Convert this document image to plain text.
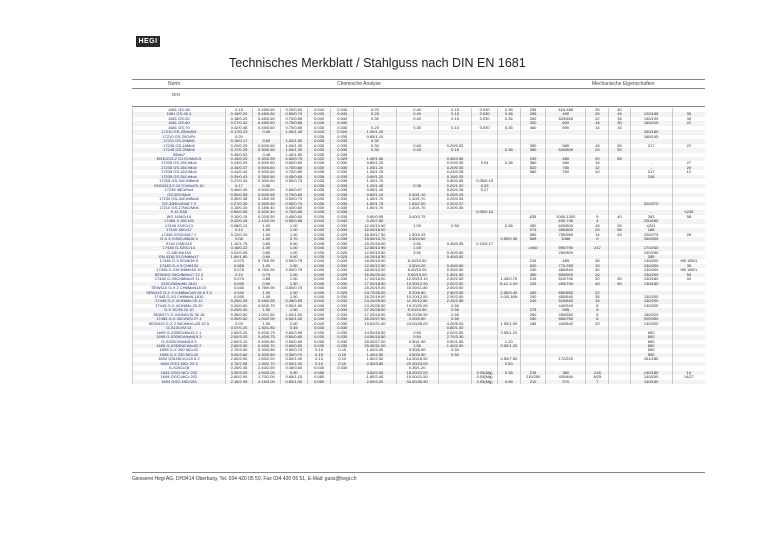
HEGI
Technisches Merkblatt / Stahlguss nach DIN EN 1681
Norm	Chemische Analyse	Mechanische Eigenschaften
DIN
1681 GS-38	0.15	0.45/0.60	0.20/0.50	0.040	0.040	0.25	0.40	0.15	0.030	0.36	255	415-485	25	40		
1681 GS-45.3	0.15/0.20	0.45/0.60	0.50/0.70	0.040	0.040	0.25	0.40	0.15	0.030	0.36	255	450	25	45	120/185	35
1681 GS-52	0.18/0.25	0.45/0.60	0.70/0.85	0.040	0.040	0.30	0.40	0.15	0.030	0.36	260	520/655	22	35	145/190	30
1681 GS-60	0.27/0.32	0.45/0.60	0.75/0.85	0.040	0.040						320	600	18	30	165/215	22
1681 GS-70	0.42/0.48	0.45/0.60	0.70/0.85	0.035	0.035	0.25	0.30	0.10	0.030	0.35	460	690	14	15		
17210 GS-20Mn5/5	0.17/0.23	0.40	1.00/1.40	0.025	0.020	1.00/1.20									150/180	
17210 GS-20CrP4	0.20			0.035	0.035	0.85/1.10									185/195	
17211 GS-20Mn5	0.15/0.17	0.60	1.20/1.50	0.035	0.035	0.30										
17245 GS-16Mn5	0.20/0.25	0.50/0.60	1.00/1.30	0.035	0.035	0.30	0.60	0.20/0.02			350	580	18	55	217	22
17245 GS-20Mn5	0.17/0.25	0.30/0.55	1.00/1.30	0.030	0.030	0.30	0.40	0.15		0.36	380	540/600	20	50		
30Mn7	0.45/0.52	0.48	1.40/1.80	0.035	0.035											
EN10213-2 G17CrMo5-5	0.15/0.20	0.30/0.55	0.50/0.75	0.020	0.020	1.00/1.50		0.45/0.55			290	480	20	55		
17205 GS-25CrMo4	0.24/0.29	0.50/0.60	0.60/0.80	0.030	0.030	0.80/1.20		0.20/0.30	0.04	0.38	360	580	16		-	27
17205 GS-35CrMo4	0.34/0.37	0.50/0.60	0.75/0.85	0.035	0.035	1.05/1.20		0.20/0.30			520	750	12		-	25
17205 GS-42CrMo4	0.41/0.44	0.50/0.60	0.70/0.85	0.035	0.035	1.05/1.15		0.24/0.28			580	750	10		217	12
17205 GS-34CrMo4	0.39/0.43	0.35/0.60	0.45/0.65	0.035	0.035	0.90/1.20		0.15/0.25							248	
17205 GS-34CrNiMo6	0.27/0.34	0.30/0.60	0.50/0.75	0.035	0.035	1.30/1.70		0.50/0.55	0.05/0.15							
EN10213-2 G17CrMoV5-10	0.17	0.50		0.035	0.035	1.20/1.45	0.35	0.20/1.20	0.29							
17245 48CrMo4	0.46/0.49	0.50/0.60	0.60/0.97	0.035	0.035	0.95/1.10		0.20/0.28	0.27							
GS-50CrMo6	0.50/0.55	0.50/0.65	0.70/0.80	0.035	0.035	0.80/1.10	0.40/1.10	0.20/0.25								
17230 GS-34CrNiMo6	0.30/0.38	0.15/0.35	0.50/0.70	0.030	0.030	1.40/1.70	1.40/1.70	0.20/0.34								
GS-30NiCrMo8 7 3	0.27/0.30	0.30/0.60	0.50/0.70	0.035	0.035	1.60/1.75	1.65/2.00	0.32/0.37							320/370	
17210 GS-17NiCrMo6	0.15/0.20	0.15/0.40	0.40/0.60	0.035	0.035	1.50/1.70	1.40/1.70	0.20/0.35								
9 10 SA5	0.50/0.55	0.30/0.40	0.75/0.85	0.035	0.035				0.05/0.10						-	≤235
WS 14NiCr14	0.10/0.15	0.20/0.50	0.45/0.60	0.035	0.035	0.60/0.95	3.40/3.75				635	1050-1300	9	40	283	58
17465 X-30Cr25	0.22/0.25	1.10/2.00	0.55/0.85	0.040	0.040	0.20/7.80						490-740	4		200/260	
17445 X10Cr13	0.08/0.12	1.00	1.00	0.040	0.030	12.00/13.50	1.00	0.50		0.36	450	620/800	18	55	≤241	
17440 X6Cr17	0.12	1.00	1.00	0.040	0.030	16.00/18.00					274	450/600	20	65	185	
17445 X20CrNi17 2	0.12/0.20	1.00	1.00	0.035	0.025	16.50/17.50	1.50/2.25				550	750/950	14	45	225/275	26
G-X 4 CrNiCuNb16 4	0.08	1.00	0.70	0.035	0.035	15.50/16.70	3.50/4.60			0.50/0.35	665	1085	9		260/400	
9116 CrMn115	1.10/1.75	0.60	0.60	0.045	0.035	15.20/16.00	0.50	0.45/0.55	0.10/0.17							
17445 G-X20Cr14	0.18/0.22	1.00	1.00	0.040	0.030	12.50/13.90	1.00				≥440	590/790	≥12		170/240	
G-X5CrNi134	0.02/0.05	0.80	1.00	0.035	0.025	12.00/13.50	3.50	0.40/0.50				250/500			240/290	
EN 4316 X1CrNiMo17	1.60/1.80	0.60	0.60	0.035	0.025	16.20/16.50		0.40/0.52							285	
17445 G-X 5CrNi18 9	0.075	0.75/0.90	0.50/0.75	0.040	0.030	18.00/19.00	8.10/10.50				215	485	35		130/200	HB 180/1
17445 G-X 5 CrNi134	0.065	1.00	1.50	0.040	0.030	12.00/12.50	3.50/4.20	0.40/0.60			520	770-930	15		240/300	35
17445 G-X5CrNiMo18 10	0.075	0.75/0.90	0.50/0.75	0.040	0.030	18.00/19.00	8.00/10.00	0.30/0.50			240	480/640	30		130/200	HB 180/1
SEW410 X5CrNiMo17 12 2	0.10	0.75	1.00	0.035	0.025	16.00/20.00	9.00/13.00	1.30/1.50			450	800/900	20		130/200	50
17445 G-X5CrNiMo19 11 2	0.075	0.85	1.50	0.040	0.030	17.00/18.00	12.00/13.10	2.00/2.50		1.45/0.70	215	510/740	30	50	130/180	34
X10CrNiMoNb 1810	0.090	0.90	1.50	0.040	0.030	17.00/18.50	10.50/12.50	2.00/2.50		8.xC-1.00	225	490/740	45	50	130/180	
SEW410 G-X 2 CrNiMoN18 10	0.030	0.75/0.90	0.50/0.75	0.040	0.030	16.20/19.00	10.00/11.80	2.50/3.00								
SEW410 G-X 3 CrNiMoCuN 26 6 3 3	0.040	1.00	2.00	0.035	0.025	24.70/26.00	5.20/6.80	2.50/3.50		2.50/3.40	450	650/850	22			
17445 G-X3 CrNiMoN 1810	0.050	1.00	1.50	0.040	0.030	16.20/19.00	10.20/12.50	2.00/2.50		1.0/0.18N	240	450/640	35		130/200	
17445 G-X 4CrNiMo 25 12	0.25/0.25	0.45/0.55	0.45/0.55	0.040	0.030	24.20/25.50	11.20/12.50	2.25/2.55			240	515/640	15		130/200	
17445 G-X 4CrNiMo 25 20	0.20/0.60	0.50/0.70	0.50/1.50	0.040	0.030	24.20/26.50	19.20/20.50	0.50				440/540	8		130/200	
G-X 3CrNi 20 10	0.25/0.40	1.50	1.50	0.040	0.030	27.20/28.50	9.20/10.50	0.50			275	595	8			
SEW471 G-X40NiCrSi 36 18	0.35/0.50	1.00/1.50	1.00/1.50	0.040	0.030	17.20/18.50	35.20/36.50	0.50			260	450/550	5		180/220	
17465 G-X 40CrNiSi 27 4	0.30/0.50	1.00/2.00	0.50/1.00	0.040	0.030	26.20/27.50	4.00/5.50	0.50			250	550/750	6		200/300	
SEW410 G-X 2 NiCrMoCu25 20 5	0.03	1.00	2.00	0.040	0.030	19.00/21.00	24.00/26.00	4.20/5.00		1.50/1.00	185	440/640	20		130/200	
G-X10CrSi 13	0.07/0.20	1.30/1.80	0.45	0.035	0.030			0.80/1.00								
1695 G-X300CrMo15 2 1	2.60/3.20	0.40/0.75	0.60/0.85	0.030	0.030	14.50/16.50	0.50	2.00/2.50		0.55/1.20					650	
1695 G-X300CrMoNi15 3	2.60/3.20	0.40/0.75	0.60/0.85	0.030	0.030	14.50/16.50	0.50	2.70/3.30							650	
G-X300CrMoNi15 3	2.60/3.10	0.40/0.80	0.50/0.80	0.030	0.030	25.00/27.00	0.50/1.50	0.50/1.50		1.20					650	
1695 G-X260NiCrMo32 2	2.60/3.50	0.40/0.70	0.60/0.80	0.030	0.030	25.00/31.00	1.50	1.40/2.50		0.50/1.20					650	
1695 G-X 260 NiCr42	2.70/3.00	0.30/0.80	0.30/0.70	0.15	0.15	1.40/4.00	3.50/5.50	0.50							550	
1695 G-X 330 NiCr42	3.00/3.60	0.30/0.80	0.30/0.70	0.15	0.15	1.40/4.00	3.50/5.50	0.50							550	
1694 GSLNiCrCr15 6 2	2.60/2.90	1.50/2.20	0.50/1.00	0.10	0.10	1.50/2.50	14.00/16.50			0.50/7.50		172/220			151/180	
1694 GGG-NiCr 23 3	2.70/2.95	1.30/2.70	0.50/1.00	0.10	0.10	2.30/3.80	20.00/24.00			0.50						
G-X20Cr28	0.25/0.35	2.40/2.60	0.45/0.65	0.040	0.030		0.35/1.20									
1694 GGG-NiCr 202	3.30/3.00	1.50/3.00	0.50	0.080		3.50/2.50	18.00/22.00		0.05(Mg)	0.35	215	360	≥18		140/180	14
1694 GGG-NiCr 202	2.60/2.90	1.70/2.00	0.65/1.15	0.080		1.80/2.40	19.00/21.50		0.05(Mg)		210/250	400/460	8/25		140/200	14/27
1694 GGG-NiCr153	2.15/2.95	2.15/3.00	0.50/1.00	0.080		2.00/3.20	34.50/35.50		0.05(Mg)	0.58	210	370	7		140/180	
Giesserei Hegi AG, DH3414 Oberburg, Tel. 034 420 05 50, Fax 034 420 05 51, E-Mail: guss@hegi.ch
